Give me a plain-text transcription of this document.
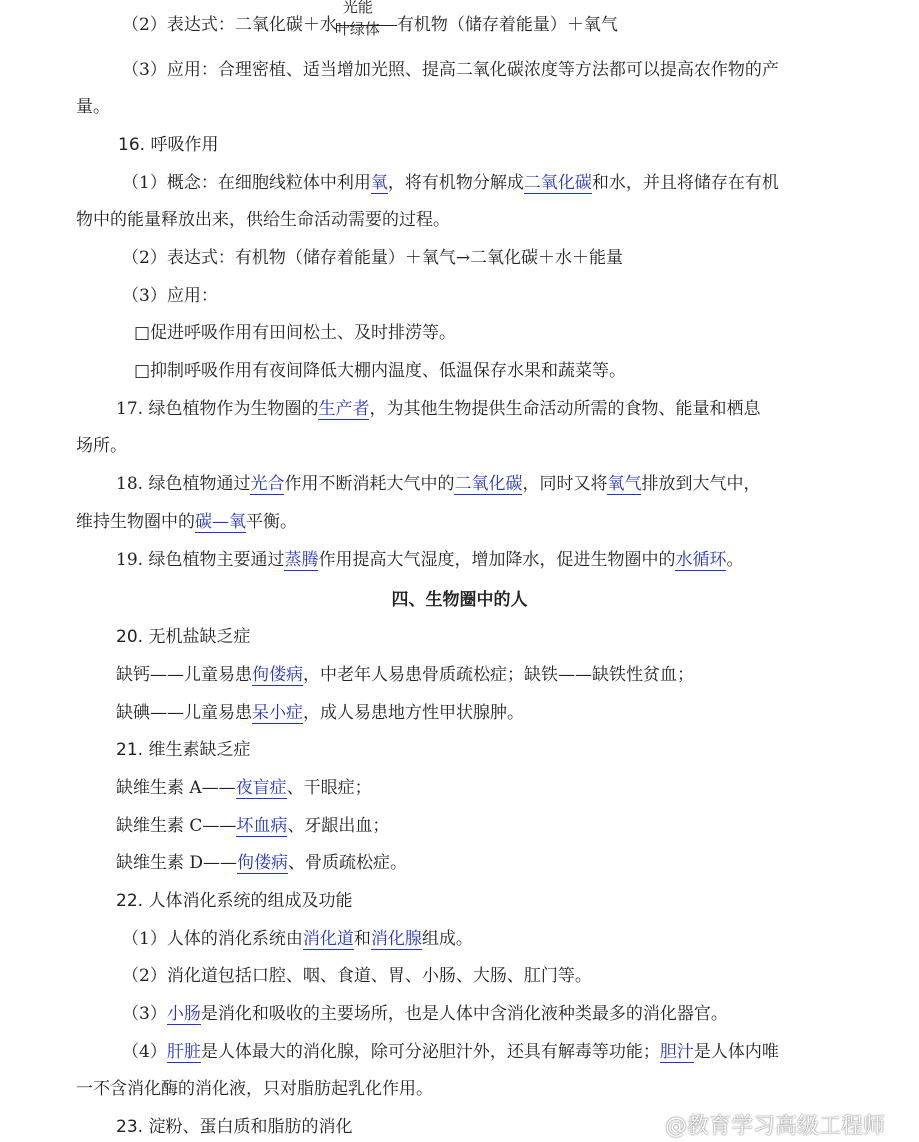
（2）表达式：二氧化碳＋水
光能
叶绿体 有机物（储存着能量）＋氧气
（3）应用：合理密植、适当增加光照、提高二氧化碳浓度等方法都可以提高农作物的产
量。
16. 呼吸作用
（1）概念：在细胞线粒体中利用氧，将有机物分解成二氧化碳和水，并且将储存在有机
物中的能量释放出来，供给生命活动需要的过程。
（2）表达式：有机物（储存着能量）＋氧气→二氧化碳＋水＋能量
（3）应用：
□促进呼吸作用有田间松土、及时排涝等。
□抑制呼吸作用有夜间降低大棚内温度、低温保存水果和蔬菜等。
17. 绿色植物作为生物圈的生产者，为其他生物提供生命活动所需的食物、能量和栖息
场所。
18. 绿色植物通过光合作用不断消耗大气中的二氧化碳，同时又将氧气排放到大气中，
维持生物圈中的碳—氧平衡。
19. 绿色植物主要通过蒸腾作用提高大气湿度，增加降水，促进生物圈中的水循环。
四、生物圈中的人
20. 无机盐缺乏症
缺钙——儿童易患佝偻病，中老年人易患骨质疏松症；缺铁——缺铁性贫血；
缺碘——儿童易患呆小症，成人易患地方性甲状腺肿。
21. 维生素缺乏症
缺维生素 A——夜盲症、干眼症；
缺维生素 C——坏血病、牙龈出血；
缺维生素 D——佝偻病、骨质疏松症。
22. 人体消化系统的组成及功能
（1）人体的消化系统由消化道和消化腺组成。
（2）消化道包括口腔、咽、食道、胃、小肠、大肠、肛门等。
（3）小肠是消化和吸收的主要场所，也是人体中含消化液种类最多的消化器官。
（4）肝脏是人体最大的消化腺，除可分泌胆汁外，还具有解毒等功能；胆汁是人体内唯
一不含消化酶的消化液，只对脂肪起乳化作用。
23. 淀粉、蛋白质和脂肪的消化	@教育学习高级工程师
